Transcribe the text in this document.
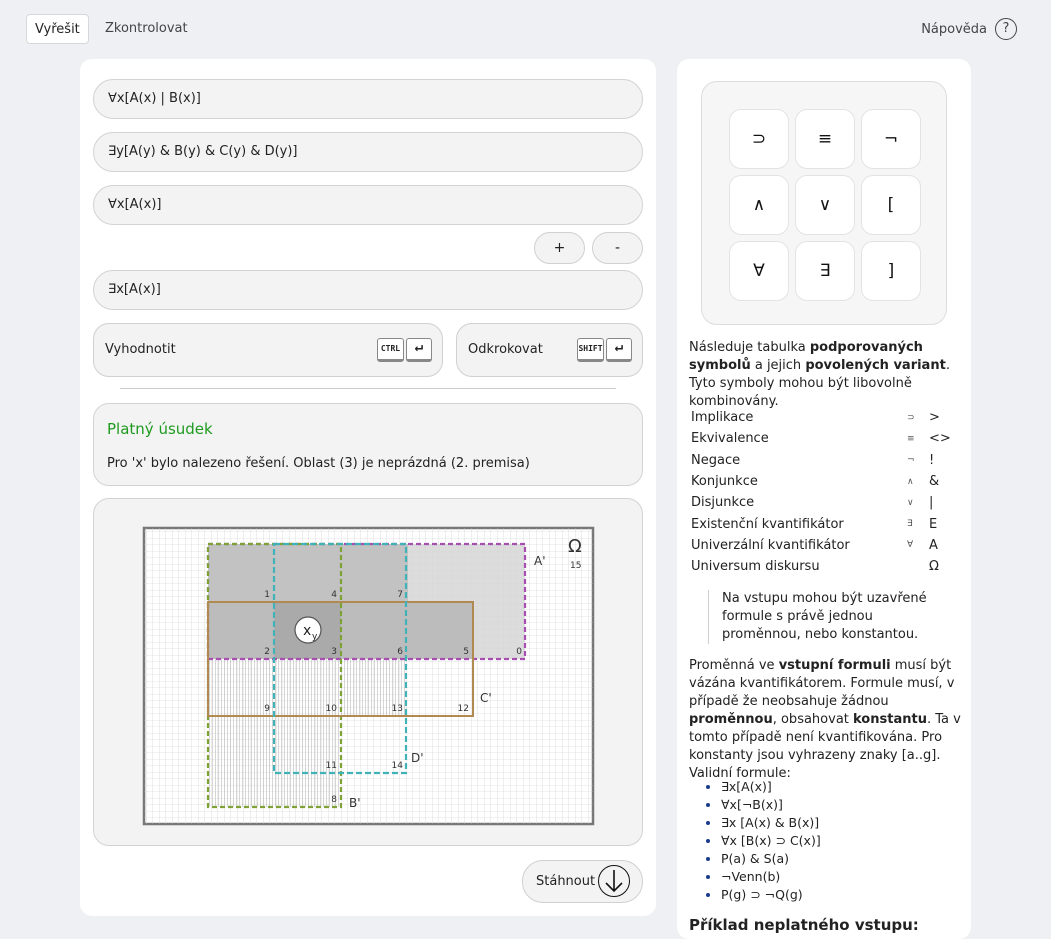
Vyřešit	Zkontrolovat	Nápověda	?
∀x[A(x) | B(x)]
∃y[A(y) & B(y) & C(y) & D(y)]
∀x[A(x)]
+	-
∃x[A(x)]
Vyhodnotit	CTRL	↵	Odkrokovat	SHIFT ↵
Platný úsudek
Pro 'x' bylo nalezeno řešení. Oblast (3) je neprázdná (2. premisa)
A'
C'
D'
B'
Ω
15
1	4	7
2	3	6	5	0
9	10	13	12
11	14
8
x y
Stáhnout
⊃	≡	¬
∧	∨	[
∀	∃	]
Následuje tabulka podporovaných symbolů a jejich povolených variant. Tyto symboly mohou být libovolně kombinovány.
Implikace	⊃	>
Ekvivalence	≡	<>
Negace	¬	!
Konjunkce	∧	&
Disjunkce	∨	|
Existenční kvantifikátor	∃	E
Univerzální kvantifikátor	∀	A
Universum diskursu		Ω
Na vstupu mohou být uzavřené formule s právě jednou proměnnou, nebo konstantou.
Proměnná ve vstupní formuli musí být vázána kvantifikátorem. Formule musí, v případě že neobsahuje žádnou proměnnou, obsahovat konstantu. Ta v tomto případě není kvantifikována. Pro konstanty jsou vyhrazeny znaky [a..g]. Validní formule:
• ∃x[A(x)]
• ∀x[¬B(x)]
• ∃x [A(x) & B(x)]
• ∀x [B(x) ⊃ C(x)]
• P(a) & S(a)
• ¬Venn(b)
• P(g) ⊃ ¬Q(g)
Příklad neplatného vstupu:
